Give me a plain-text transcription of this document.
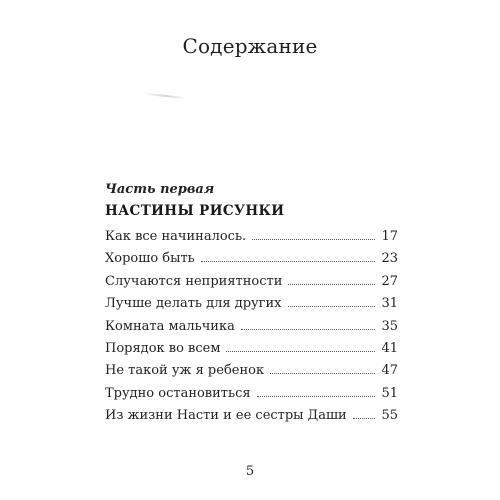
Содержание
Часть первая
НАСТИНЫ РИСУНКИ
Как все начиналось.	17
Хорошо быть	23
Случаются неприятности	27
Лучше делать для других	31
Комната мальчика	35
Порядок во всем	41
Не такой уж я ребенок	47
Трудно остановиться	51
Из жизни Насти и ее сестры Даши	55
5
